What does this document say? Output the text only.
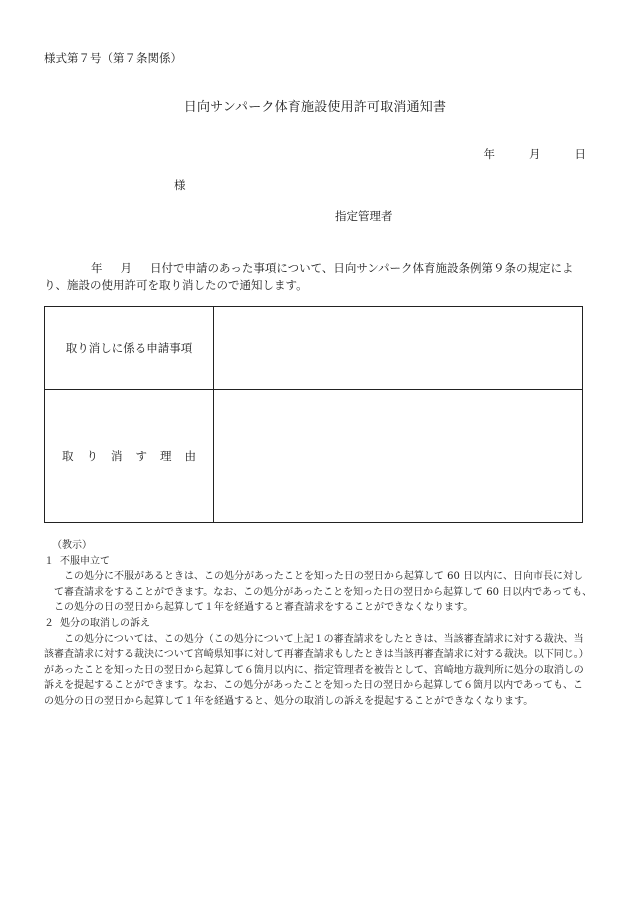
様式第７号（第７条関係）
日向サンパーク体育施設使用許可取消通知書
年	月	日
様
指定管理者
年 月 日付で申請のあった事項について、日向サンパーク体育施設条例第９条の規定により、施設の使用許可を取り消したので通知します。
取り消しに係る申請事項	
取り消す理由	

（教示）

１ 不服申立て

この処分に不服があるときは、この処分があったことを知った日の翌日から起算して 60 日以内に、日向市長に対し

て審査請求をすることができます。なお、この処分があったことを知った日の翌日から起算して 60 日以内であっても、

この処分の日の翌日から起算して１年を経過すると審査請求をすることができなくなります。

２ 処分の取消しの訴え

この処分については、この処分（この処分について上記１の審査請求をしたときは、当該審査請求に対する裁決、当

該審査請求に対する裁決について宮崎県知事に対して再審査請求もしたときは当該再審査請求に対する裁決。以下同じ。）

があったことを知った日の翌日から起算して６箇月以内に、指定管理者を被告として、宮崎地方裁判所に処分の取消しの

訴えを提起することができます。なお、この処分があったことを知った日の翌日から起算して６箇月以内であっても、こ

の処分の日の翌日から起算して１年を経過すると、処分の取消しの訴えを提起することができなくなります。
